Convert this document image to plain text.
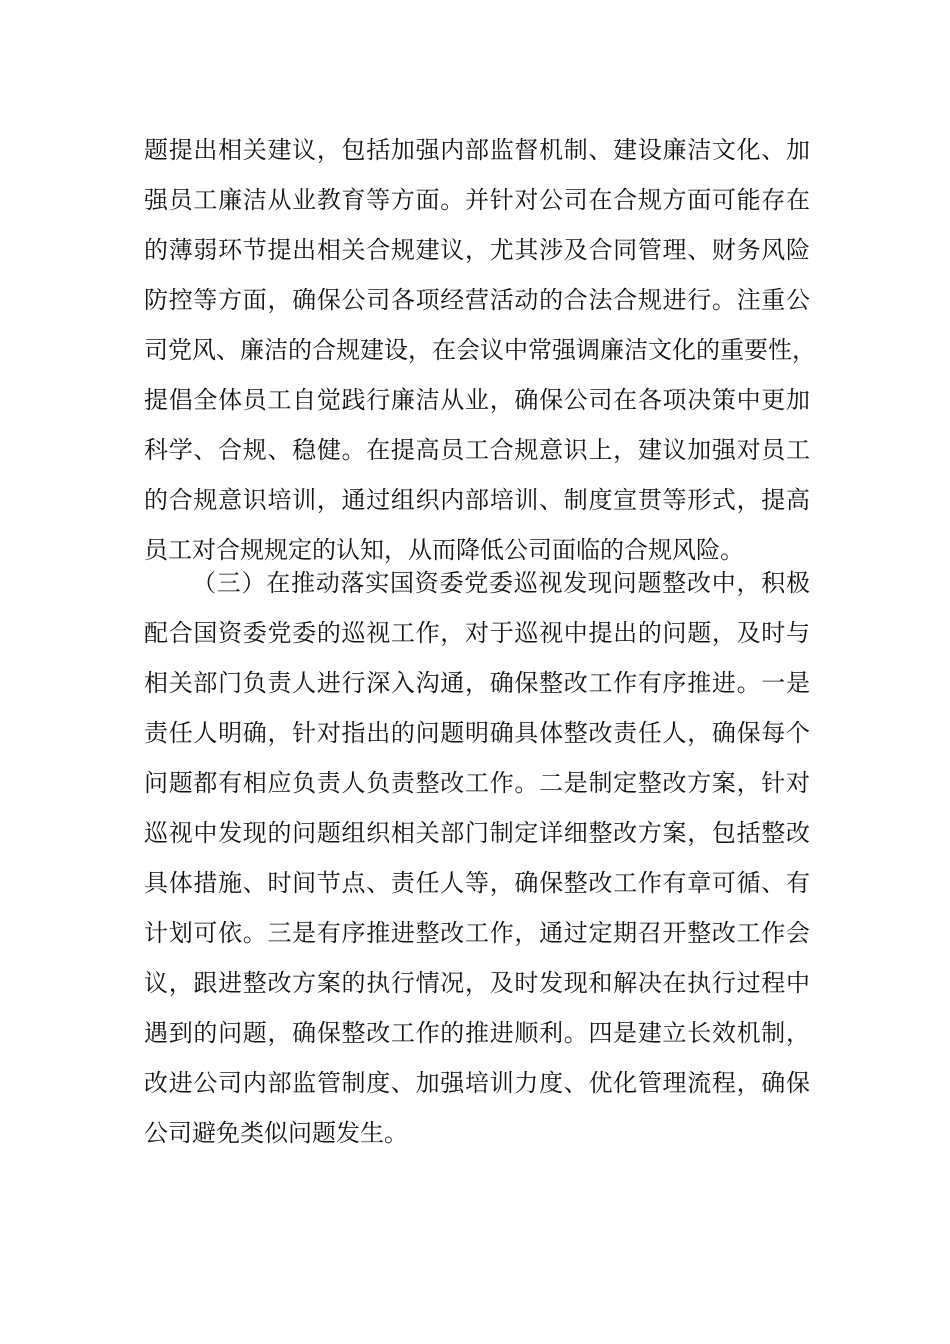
题提出相关建议，包括加强内部监督机制、建设廉洁文化、加
强员工廉洁从业教育等方面。并针对公司在合规方面可能存在
的薄弱环节提出相关合规建议，尤其涉及合同管理、财务风险
防控等方面，确保公司各项经营活动的合法合规进行。注重公
司党风、廉洁的合规建设，在会议中常强调廉洁文化的重要性，
提倡全体员工自觉践行廉洁从业，确保公司在各项决策中更加
科学、合规、稳健。在提高员工合规意识上，建议加强对员工
的合规意识培训，通过组织内部培训、制度宣贯等形式，提高
员工对合规规定的认知，从而降低公司面临的合规风险。
（三）在推动落实国资委党委巡视发现问题整改中，积极
配合国资委党委的巡视工作，对于巡视中提出的问题，及时与
相关部门负责人进行深入沟通，确保整改工作有序推进。一是
责任人明确，针对指出的问题明确具体整改责任人，确保每个
问题都有相应负责人负责整改工作。二是制定整改方案，针对
巡视中发现的问题组织相关部门制定详细整改方案，包括整改
具体措施、时间节点、责任人等，确保整改工作有章可循、有
计划可依。三是有序推进整改工作，通过定期召开整改工作会
议，跟进整改方案的执行情况，及时发现和解决在执行过程中
遇到的问题，确保整改工作的推进顺利。四是建立长效机制，
改进公司内部监管制度、加强培训力度、优化管理流程，确保
公司避免类似问题发生。
